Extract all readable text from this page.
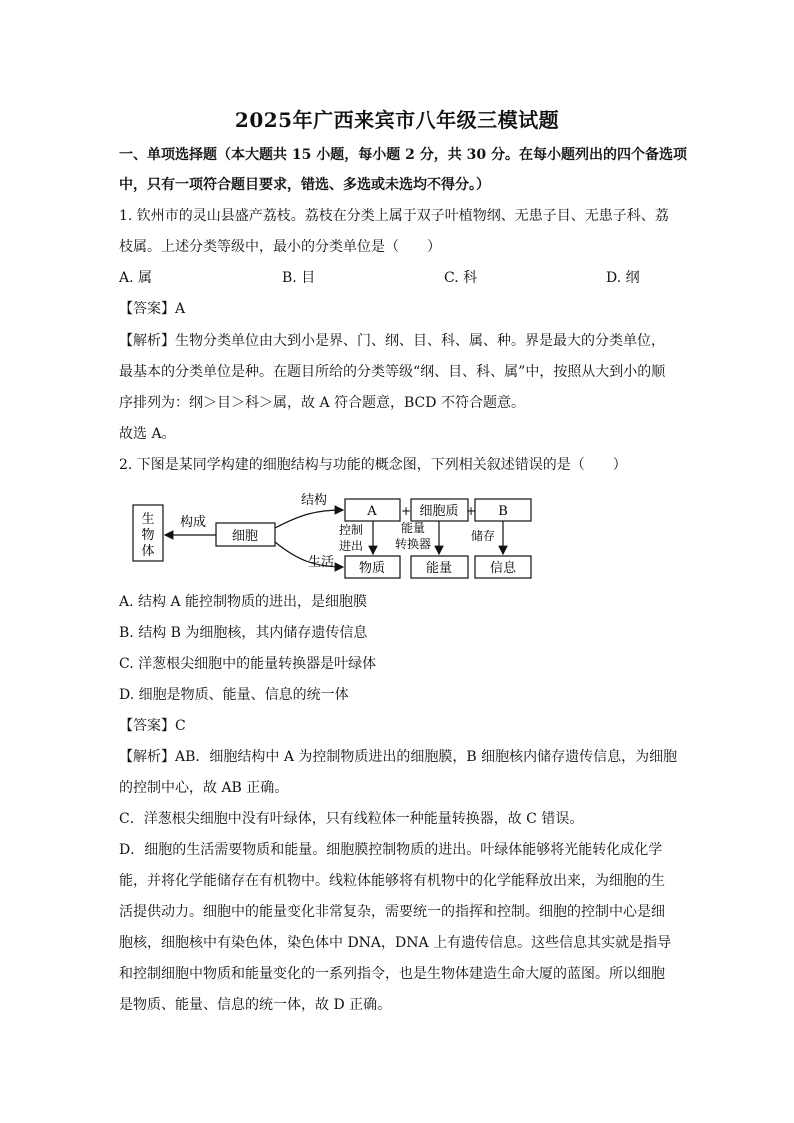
2025年广西来宾市八年级三模试题
一、单项选择题（本大题共 15 小题，每小题 2 分，共 30 分。在每小题列出的四个备选项
中，只有一项符合题目要求，错选、多选或未选均不得分。）
1. 钦州市的灵山县盛产荔枝。荔枝在分类上属于双子叶植物纲、无患子目、无患子科、荔
枝属。上述分类等级中，最小的分类单位是（　　）
A. 属	B. 目	C. 科	D. 纲
【答案】A
【解析】生物分类单位由大到小是界、门、纲、目、科、属、种。界是最大的分类单位，
最基本的分类单位是种。在题目所给的分类等级“纲、目、科、属”中，按照从大到小的顺
序排列为：纲＞目＞科＞属，故 A 符合题意，BCD 不符合题意。
故选 A。
2. 下图是某同学构建的细胞结构与功能的概念图，下列相关叙述错误的是（　　）
生
物
体
构成
细胞
结构
生活
A + 细胞质 + B
控制
进出
能量
转换器
储存
物质	能量	信息
A. 结构 A 能控制物质的进出，是细胞膜
B. 结构 B 为细胞核，其内储存遗传信息
C. 洋葱根尖细胞中的能量转换器是叶绿体
D. 细胞是物质、能量、信息的统一体
【答案】C
【解析】AB．细胞结构中 A 为控制物质进出的细胞膜，B 细胞核内储存遗传信息，为细胞
的控制中心，故 AB 正确。
C．洋葱根尖细胞中没有叶绿体，只有线粒体一种能量转换器，故 C 错误。
D．细胞的生活需要物质和能量。细胞膜控制物质的进出。叶绿体能够将光能转化成化学
能，并将化学能储存在有机物中。线粒体能够将有机物中的化学能释放出来，为细胞的生
活提供动力。细胞中的能量变化非常复杂，需要统一的指挥和控制。细胞的控制中心是细
胞核，细胞核中有染色体，染色体中 DNA，DNA 上有遗传信息。这些信息其实就是指导
和控制细胞中物质和能量变化的一系列指令，也是生物体建造生命大厦的蓝图。所以细胞
是物质、能量、信息的统一体，故 D 正确。
